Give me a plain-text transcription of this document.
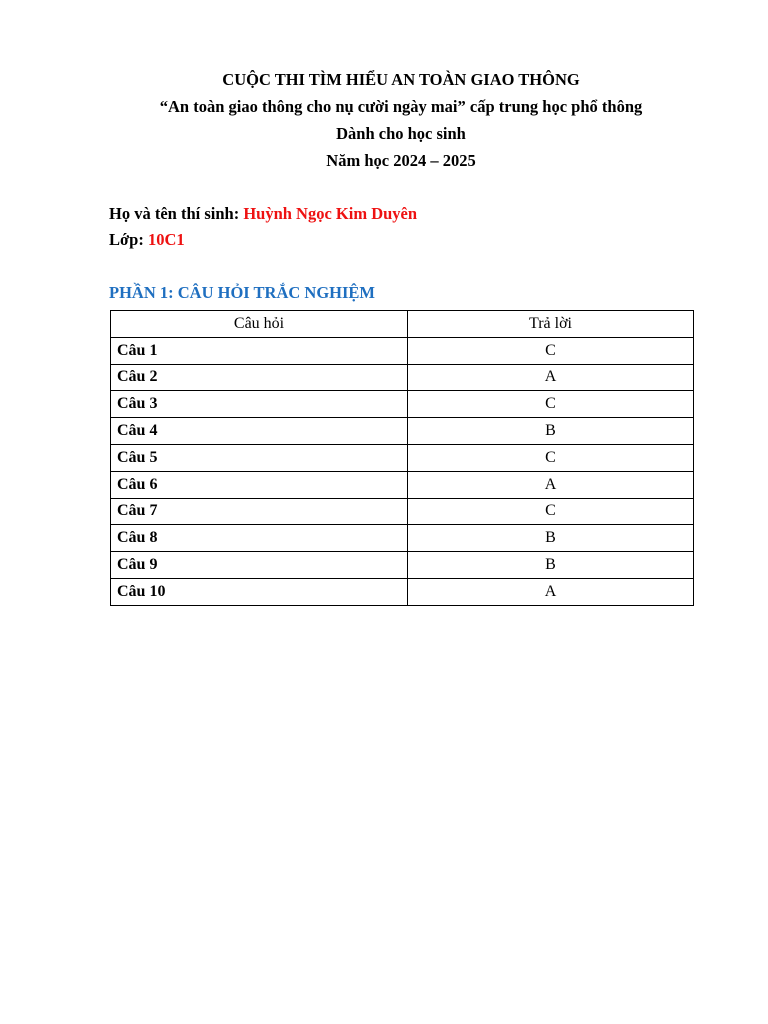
CUỘC THI TÌM HIỂU AN TOÀN GIAO THÔNG
“An toàn giao thông cho nụ cười ngày mai” cấp trung học phổ thông
Dành cho học sinh
Năm học 2024 – 2025
Họ và tên thí sinh: Huỳnh Ngọc Kim Duyên
Lớp: 10C1
PHẦN 1: CÂU HỎI TRẮC NGHIỆM
Câu hỏi	Trả lời
Câu 1	C
Câu 2	A
Câu 3	C
Câu 4	B
Câu 5	C
Câu 6	A
Câu 7	C
Câu 8	B
Câu 9	B
Câu 10	A
